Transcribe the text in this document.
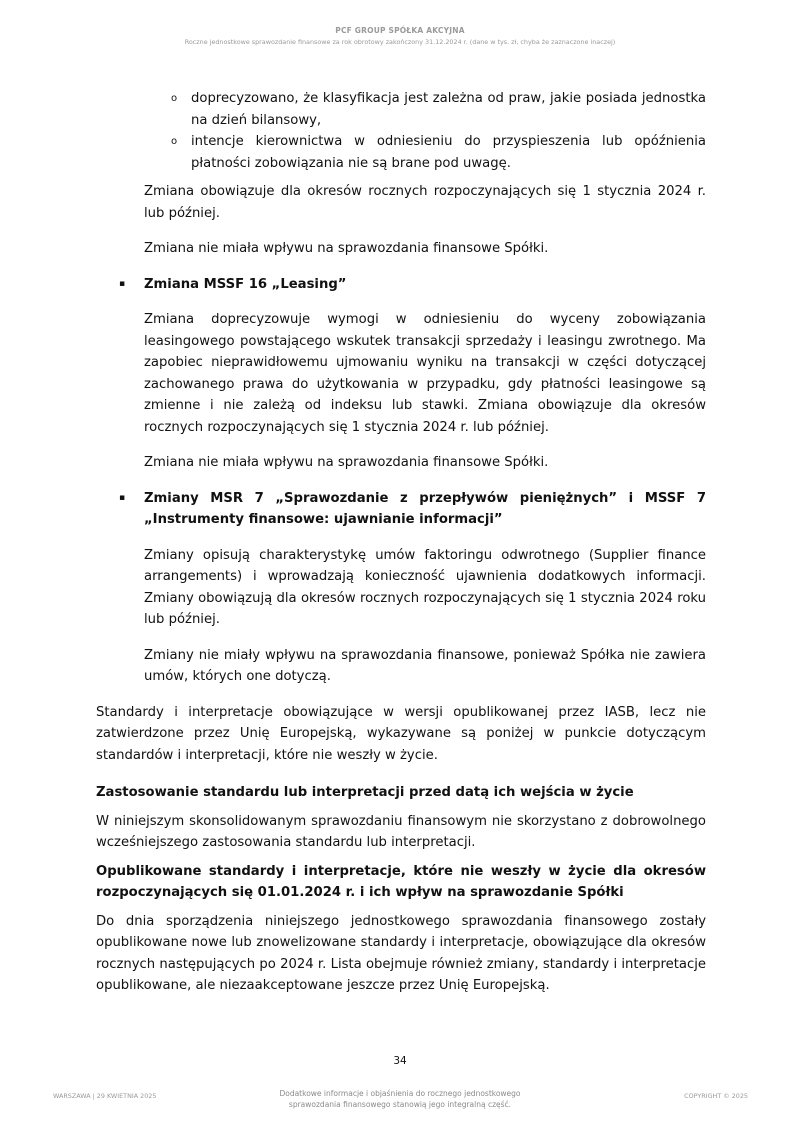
PCF GROUP SPÓŁKA AKCYJNA
Roczne jednostkowe sprawozdanie finansowe za rok obrotowy zakończony 31.12.2024 r. (dane w tys. zł, chyba że zaznaczone inaczej)
o doprecyzowano, że klasyfikacja jest zależna od praw, jakie posiada jednostka na dzień bilansowy,
o intencje kierownictwa w odniesieniu do przyspieszenia lub opóźnienia płatności zobowiązania nie są brane pod uwagę.

Zmiana obowiązuje dla okresów rocznych rozpoczynających się 1 stycznia 2024 r. lub później.

Zmiana nie miała wpływu na sprawozdania finansowe Spółki.

▪ Zmiana MSSF 16 „Leasing”

Zmiana doprecyzowuje wymogi w odniesieniu do wyceny zobowiązania leasingowego powstającego wskutek transakcji sprzedaży i leasingu zwrotnego. Ma zapobiec nieprawidłowemu ujmowaniu wyniku na transakcji w części dotyczącej zachowanego prawa do użytkowania w przypadku, gdy płatności leasingowe są zmienne i nie zależą od indeksu lub stawki. Zmiana obowiązuje dla okresów rocznych rozpoczynających się 1 stycznia 2024 r. lub później.

Zmiana nie miała wpływu na sprawozdania finansowe Spółki.

▪ Zmiany MSR 7 „Sprawozdanie z przepływów pieniężnych” i MSSF 7 „Instrumenty finansowe: ujawnianie informacji”

Zmiany opisują charakterystykę umów faktoringu odwrotnego (Supplier finance arrangements) i wprowadzają konieczność ujawnienia dodatkowych informacji. Zmiany obowiązują dla okresów rocznych rozpoczynających się 1 stycznia 2024 roku lub później.

Zmiany nie miały wpływu na sprawozdania finansowe, ponieważ Spółka nie zawiera umów, których one dotyczą.

Standardy i interpretacje obowiązujące w wersji opublikowanej przez IASB, lecz nie zatwierdzone przez Unię Europejską, wykazywane są poniżej w punkcie dotyczącym standardów i interpretacji, które nie weszły w życie.

Zastosowanie standardu lub interpretacji przed datą ich wejścia w życie

W niniejszym skonsolidowanym sprawozdaniu finansowym nie skorzystano z dobrowolnego wcześniejszego zastosowania standardu lub interpretacji.

Opublikowane standardy i interpretacje, które nie weszły w życie dla okresów rozpoczynających się 01.01.2024 r. i ich wpływ na sprawozdanie Spółki

Do dnia sporządzenia niniejszego jednostkowego sprawozdania finansowego zostały opublikowane nowe lub znowelizowane standardy i interpretacje, obowiązujące dla okresów rocznych następujących po 2024 r. Lista obejmuje również zmiany, standardy i interpretacje opublikowane, ale niezaakceptowane jeszcze przez Unię Europejską.

34
WARSZAWA | 29 KWIETNIA 2025	Dodatkowe informacje i objaśnienia do rocznego jednostkowego
sprawozdania finansowego stanowią jego integralną część.
COPYRIGHT © 2025
